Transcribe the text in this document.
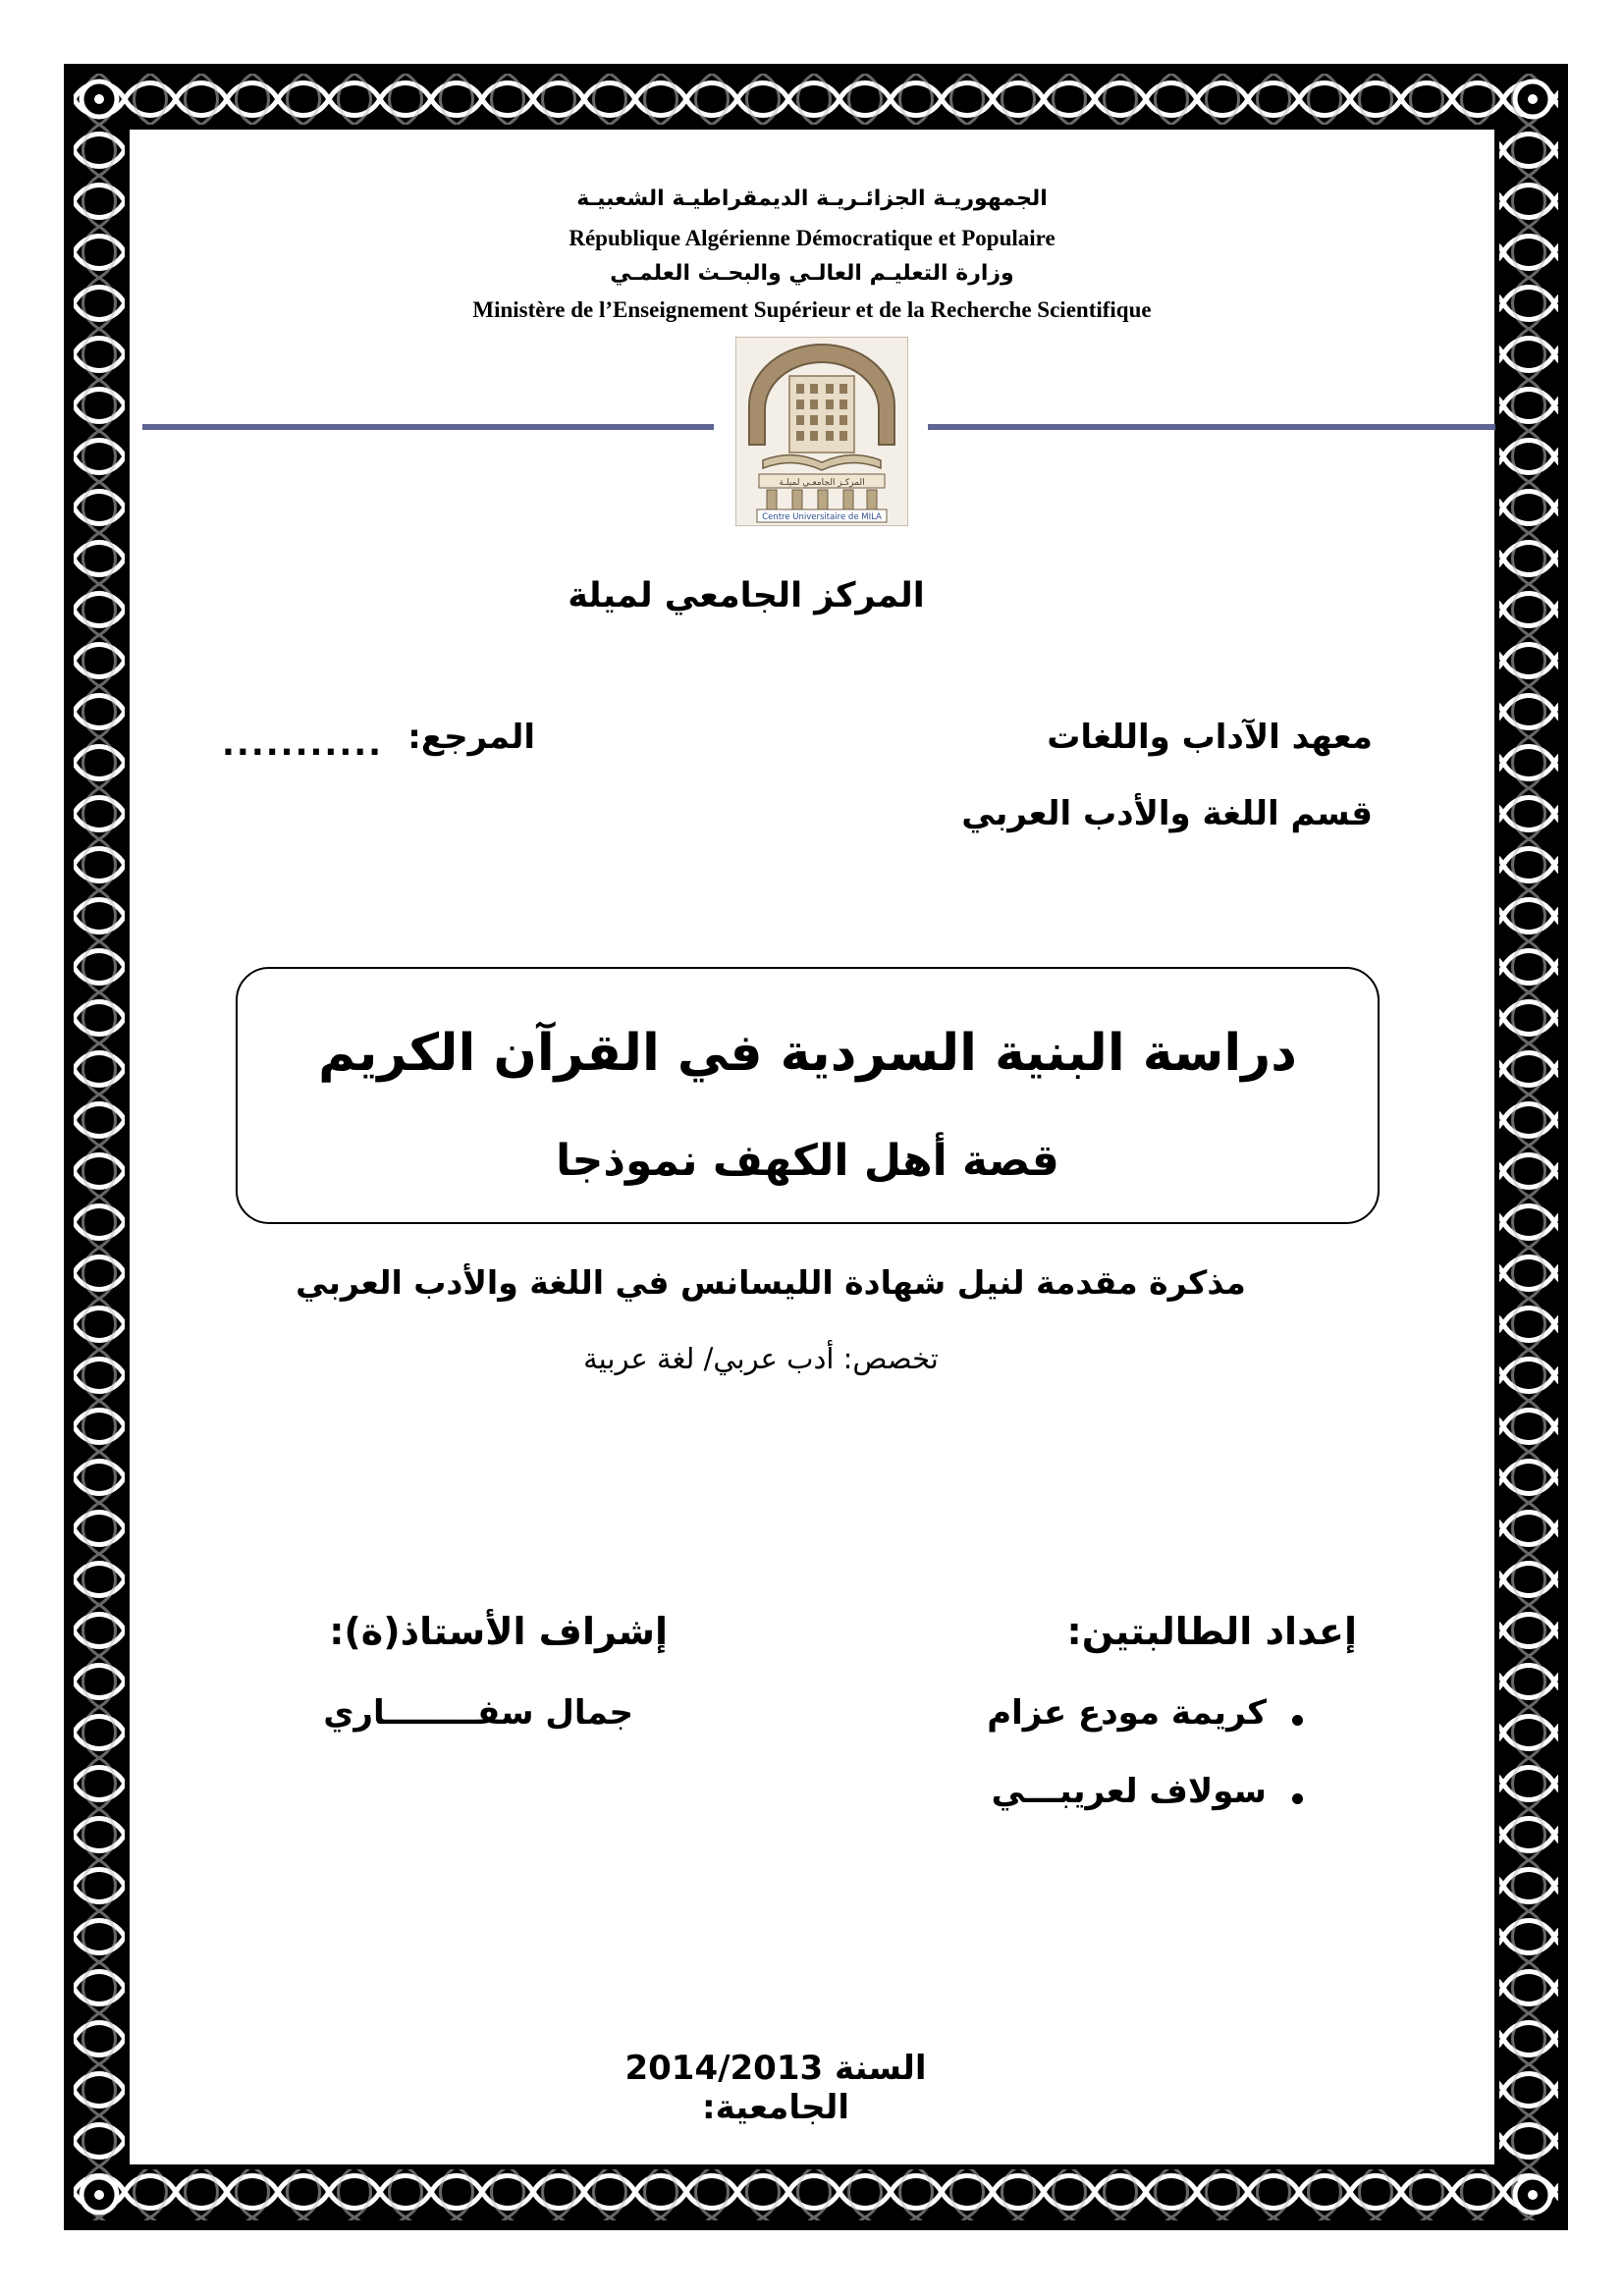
الجمهوريـة الجزائـريـة الديمقراطيـة الشعبيـة
République Algérienne Démocratique et Populaire
وزارة التعليـم العالـي والبحـث العلمـي
Ministère de l’Enseignement Supérieur et de la Recherche Scientifique
المركـز الجامعـي لميلـة
Centre Universitaire de MILA
المركز الجامعي لميلة
معهد الآداب واللغات
قسم اللغة والأدب العربي
المرجع:
...........
دراسة البنية السردية في القرآن الكريم
قصة أهل الكهف نموذجا
مذكرة مقدمة لنيل شهادة الليسانس في اللغة والأدب العربي
تخصص: أدب عربي/ لغة عربية
إعداد الطالبتين:
كريمة مودع عزام
سولاف لعريبـــي
إشراف الأستاذ(ة):
جمال سفــــــــاري
2014/2013 السنة الجامعية:
